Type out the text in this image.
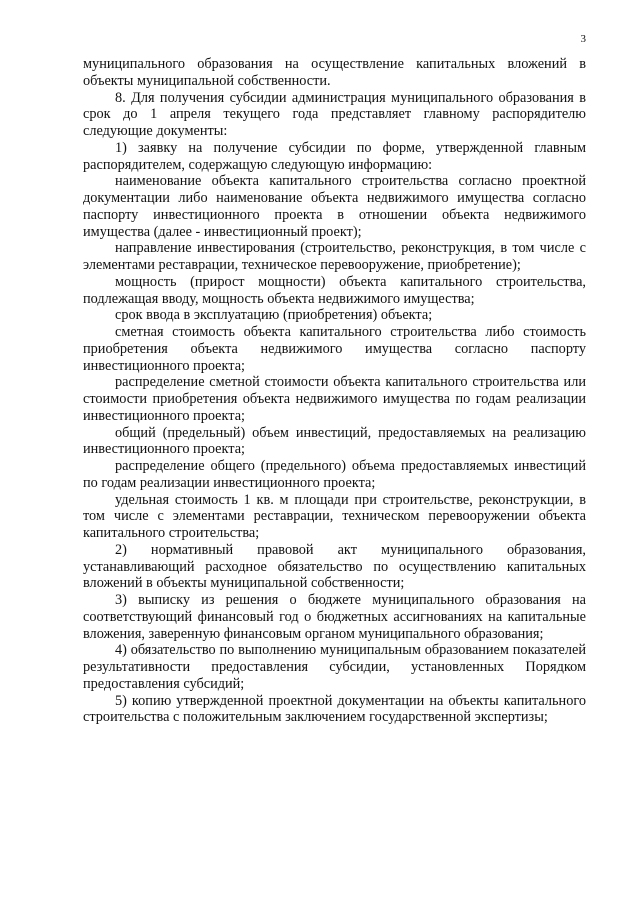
3

муниципального образования на осуществление капитальных вложений в объекты муниципальной собственности.

8. Для получения субсидии администрация муниципального образования в срок до 1 апреля текущего года представляет главному распорядителю следующие документы:

1) заявку на получение субсидии по форме, утвержденной главным распорядителем, содержащую следующую информацию:

наименование объекта капитального строительства согласно проектной документации либо наименование объекта недвижимого имущества согласно паспорту инвестиционного проекта в отношении объекта недвижимого имущества (далее - инвестиционный проект);

направление инвестирования (строительство, реконструкция, в том числе с элементами реставрации, техническое перевооружение, приобретение);

мощность (прирост мощности) объекта капитального строительства, подлежащая вводу, мощность объекта недвижимого имущества;

срок ввода в эксплуатацию (приобретения) объекта;

сметная стоимость объекта капитального строительства либо стоимость приобретения объекта недвижимого имущества согласно паспорту инвестиционного проекта;

распределение сметной стоимости объекта капитального строительства или стоимости приобретения объекта недвижимого имущества по годам реализации инвестиционного проекта;

общий (предельный) объем инвестиций, предоставляемых на реализацию инвестиционного проекта;

распределение общего (предельного) объема предоставляемых инвестиций по годам реализации инвестиционного проекта;

удельная стоимость 1 кв. м площади при строительстве, реконструкции, в том числе с элементами реставрации, техническом перевооружении объекта капитального строительства;

2) нормативный правовой акт муниципального образования, устанавливающий расходное обязательство по осуществлению капитальных вложений в объекты муниципальной собственности;

3) выписку из решения о бюджете муниципального образования на соответствующий финансовый год о бюджетных ассигнованиях на капитальные вложения, заверенную финансовым органом муниципального образования;

4) обязательство по выполнению муниципальным образованием показателей результативности предоставления субсидии, установленных Порядком предоставления субсидий;

5) копию утвержденной проектной документации на объекты капитального строительства с положительным заключением государственной экспертизы;
